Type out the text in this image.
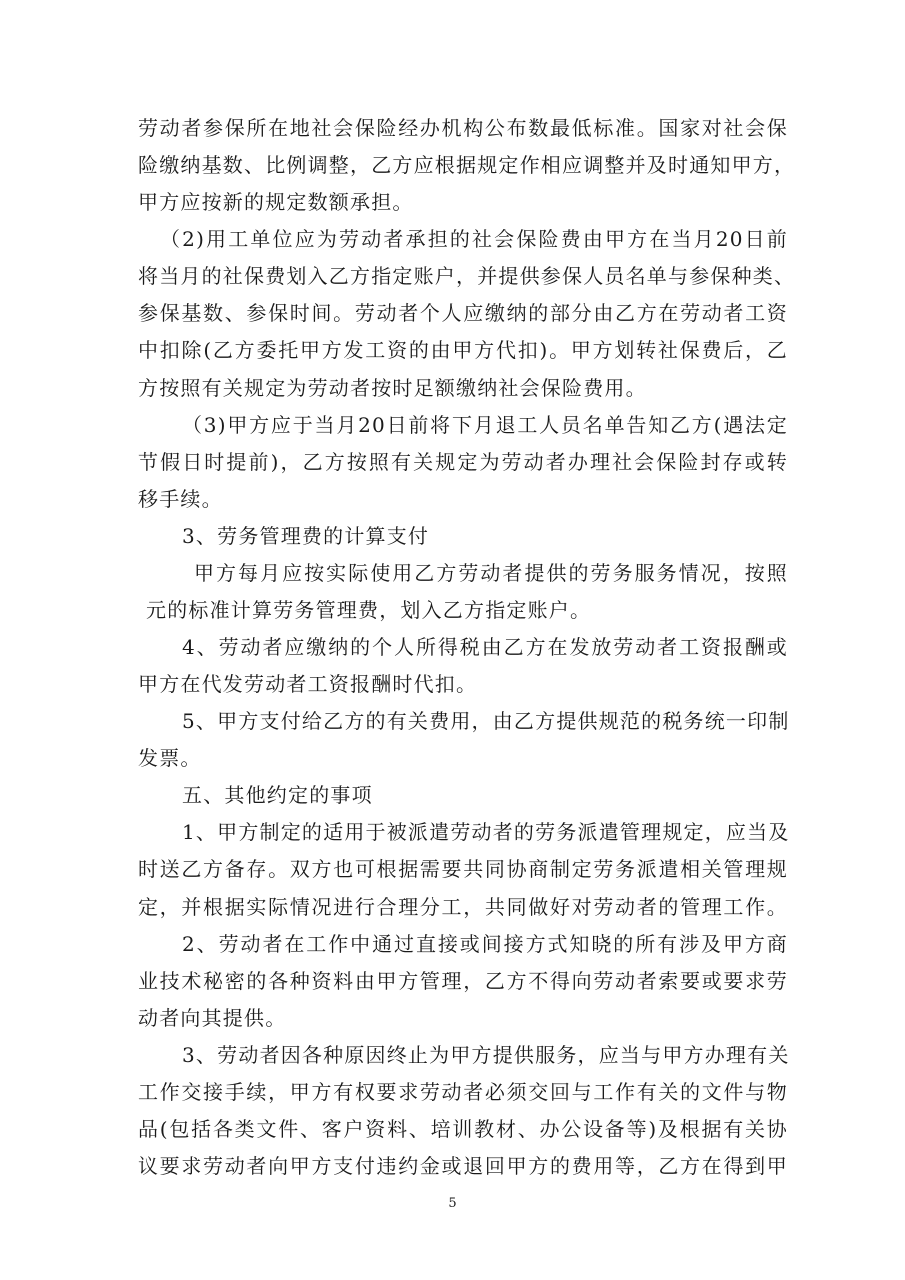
劳动者参保所在地社会保险经办机构公布数最低标准。国家对社会保
险缴纳基数、比例调整，乙方应根据规定作相应调整并及时通知甲方，
甲方应按新的规定数额承担。
（2)用工单位应为劳动者承担的社会保险费由甲方在当月20日前
将当月的社保费划入乙方指定账户，并提供参保人员名单与参保种类、
参保基数、参保时间。劳动者个人应缴纳的部分由乙方在劳动者工资
中扣除(乙方委托甲方发工资的由甲方代扣)。甲方划转社保费后，乙
方按照有关规定为劳动者按时足额缴纳社会保险费用。
（3)甲方应于当月20日前将下月退工人员名单告知乙方(遇法定
节假日时提前)，乙方按照有关规定为劳动者办理社会保险封存或转
移手续。
3、劳务管理费的计算支付
甲方每月应按实际使用乙方劳动者提供的劳务服务情况，按照
元的标准计算劳务管理费，划入乙方指定账户。
4、劳动者应缴纳的个人所得税由乙方在发放劳动者工资报酬或
甲方在代发劳动者工资报酬时代扣。
5、甲方支付给乙方的有关费用，由乙方提供规范的税务统一印制
发票。
五、其他约定的事项
1、甲方制定的适用于被派遣劳动者的劳务派遣管理规定，应当及
时送乙方备存。双方也可根据需要共同协商制定劳务派遣相关管理规
定，并根据实际情况进行合理分工，共同做好对劳动者的管理工作。
2、劳动者在工作中通过直接或间接方式知晓的所有涉及甲方商
业技术秘密的各种资料由甲方管理，乙方不得向劳动者索要或要求劳
动者向其提供。
3、劳动者因各种原因终止为甲方提供服务，应当与甲方办理有关
工作交接手续，甲方有权要求劳动者必须交回与工作有关的文件与物
5
品(包括各类文件、客户资料、培训教材、办公设备等)及根据有关协
议要求劳动者向甲方支付违约金或退回甲方的费用等，乙方在得到甲
